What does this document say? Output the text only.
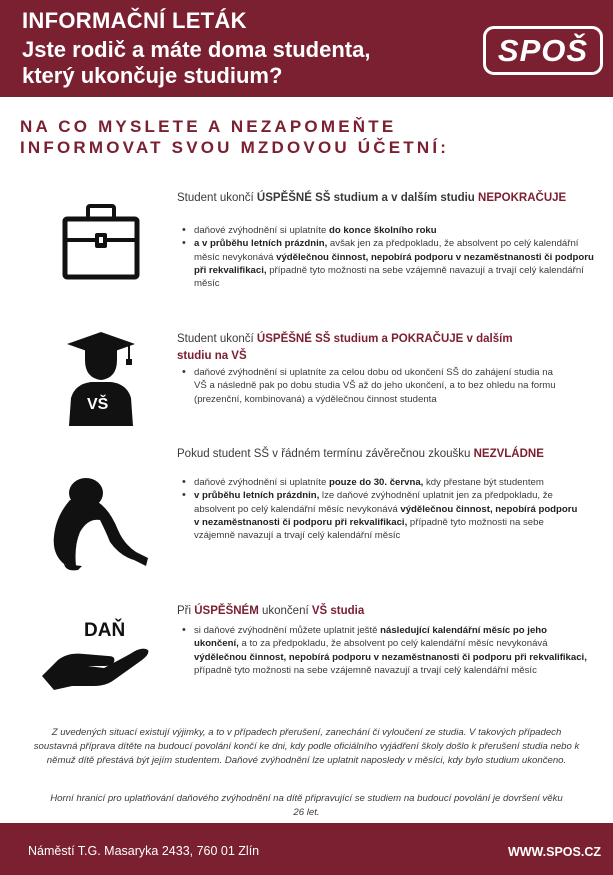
INFORMAČNÍ LETÁK
Jste rodič a máte doma studenta,
který ukončuje studium?
SPOŠ
NA CO MYSLETE A NEZAPOMEŇTE
INFORMOVAT SVOU MZDOVOU ÚČETNÍ:
Student ukončí ÚSPĚŠNÉ SŠ studium a v dalším studiu NEPOKRAČUJE
• daňové zvýhodnění si uplatníte do konce školního roku
• a v průběhu letních prázdnin, avšak jen za předpokladu, že absolvent po celý kalendářní měsíc nevykonává výdělečnou činnost, nepobírá podporu v nezaměstnanosti či podporu při rekvalifikaci, případně tyto možnosti na sebe vzájemně navazují a trvají celý kalendářní měsíc
VŠ
Student ukončí ÚSPĚŠNÉ SŠ studium a POKRAČUJE v dalším studiu na VŠ
• daňové zvýhodnění si uplatníte za celou dobu od ukončení SŠ do zahájení studia na VŠ a následně pak po dobu studia VŠ až do jeho ukončení, a to bez ohledu na formu (prezenční, kombinovaná) a výdělečnou činnost studenta
Pokud student SŠ v řádném termínu závěrečnou zkoušku NEZVLÁDNE
• daňové zvýhodnění si uplatníte pouze do 30. června, kdy přestane být studentem
• v průběhu letních prázdnin, lze daňové zvýhodnění uplatnit jen za předpokladu, že absolvent po celý kalendářní měsíc nevykonává výdělečnou činnost, nepobírá podporu v nezaměstnanosti či podporu při rekvalifikaci, případně tyto možnosti na sebe vzájemně navazují a trvají celý kalendářní měsíc
DAŇ
Při ÚSPĚŠNÉM ukončení VŠ studia
• si daňové zvýhodnění můžete uplatnit ještě následující kalendářní měsíc po jeho ukončení, a to za předpokladu, že absolvent po celý kalendářní měsíc nevykonává výdělečnou činnost, nepobírá podporu v nezaměstnanosti či podporu při rekvalifikaci, případně tyto možnosti na sebe vzájemně navazují a trvají celý kalendářní měsíc
Z uvedených situací existují výjimky, a to v případech přerušení, zanechání či vyloučení ze studia. V takových případech soustavná příprava dítěte na budoucí povolání končí ke dni, kdy podle oficiálního vyjádření školy došlo k přerušení studia nebo k němuž dítě přestává být jejím studentem. Daňové zvýhodnění lze uplatnit naposledy v měsíci, kdy bylo studium ukončeno.
Horní hranicí pro uplatňování daňového zvýhodnění na dítě připravující se studiem na budoucí povolání je dovršení věku 26 let.
Náměstí T.G. Masaryka 2433, 760 01 Zlín	WWW.SPOS.CZ
